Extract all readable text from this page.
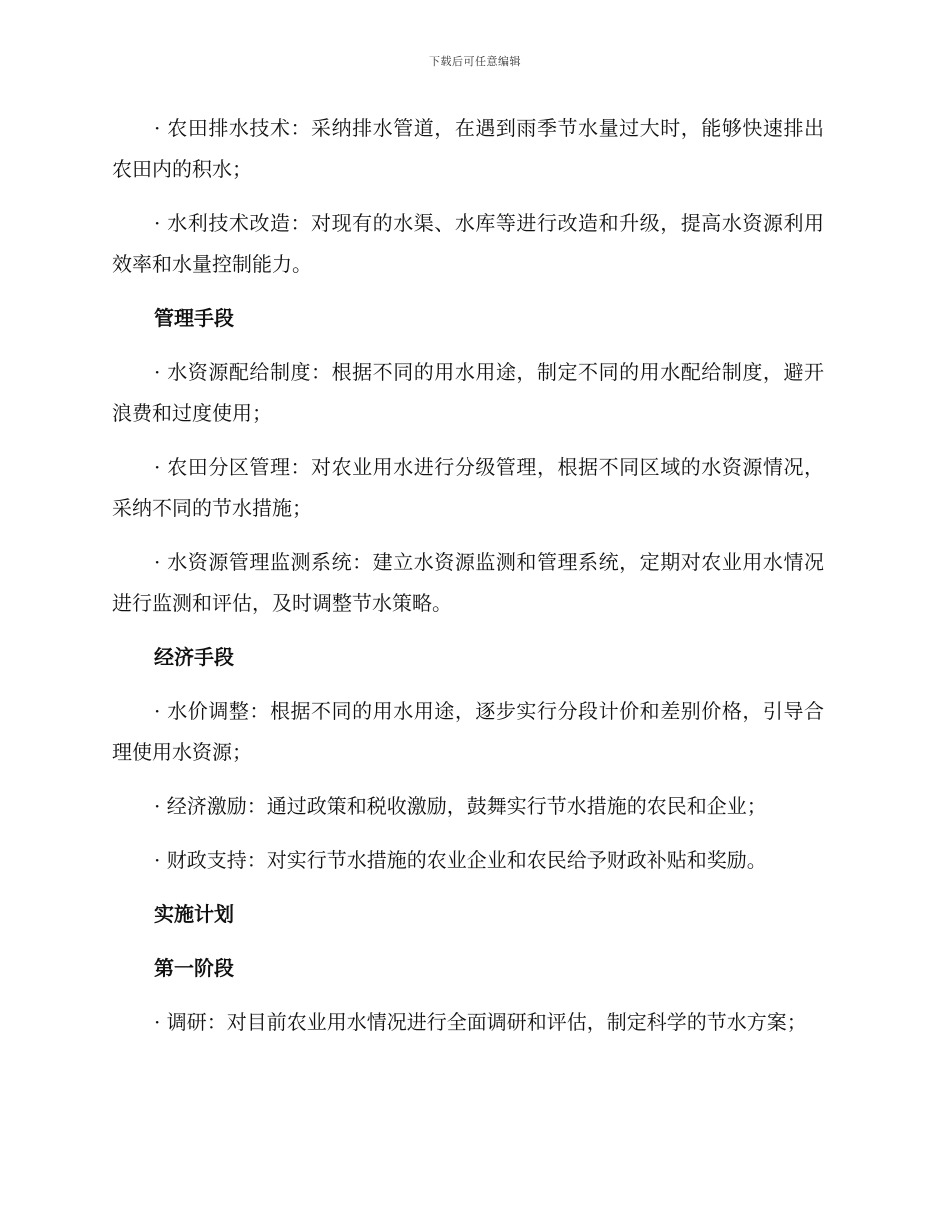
下载后可任意编辑

· 农田排水技术：采纳排水管道，在遇到雨季节水量过大时，能够快速排出农田内的积水；

· 水利技术改造：对现有的水渠、水库等进行改造和升级，提高水资源利用效率和水量控制能力。

管理手段

· 水资源配给制度：根据不同的用水用途，制定不同的用水配给制度，避开浪费和过度使用；

· 农田分区管理：对农业用水进行分级管理，根据不同区域的水资源情况，采纳不同的节水措施；

· 水资源管理监测系统：建立水资源监测和管理系统，定期对农业用水情况进行监测和评估，及时调整节水策略。

经济手段

· 水价调整：根据不同的用水用途，逐步实行分段计价和差别价格，引导合理使用水资源；

· 经济激励：通过政策和税收激励，鼓舞实行节水措施的农民和企业；

· 财政支持：对实行节水措施的农业企业和农民给予财政补贴和奖励。

实施计划
第一阶段

· 调研：对目前农业用水情况进行全面调研和评估，制定科学的节水方案；
